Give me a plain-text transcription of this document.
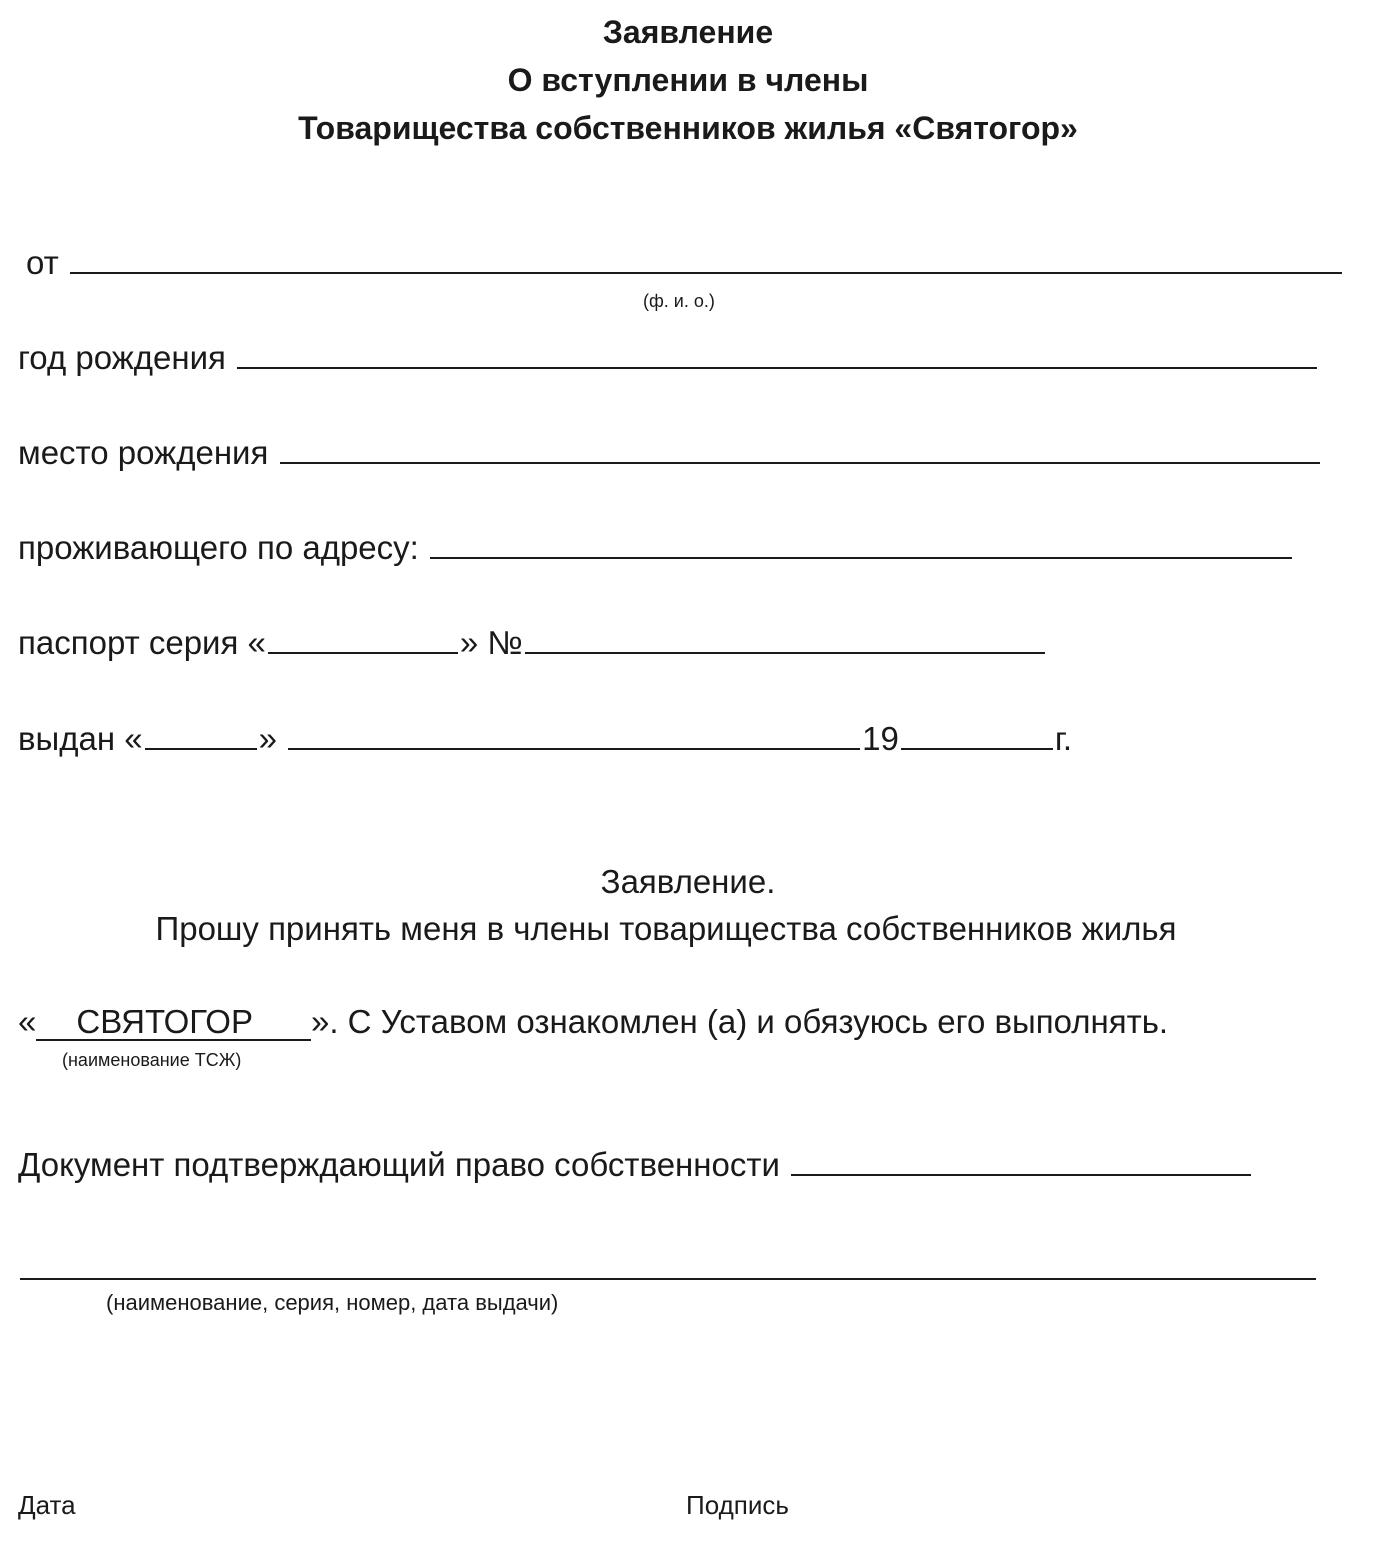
Заявление
О вступлении в члены
Товарищества собственников жилья «Святогор»
от
(ф. и. о.)
год рождения
место рождения
проживающего по адресу:
паспорт серия «	» №
выдан «	»	19	г.
Заявление.
Прошу принять меня в члены товарищества собственников жилья
« СВЯТОГОР ». С Уставом ознакомлен (а) и обязуюсь его выполнять.
(наименование ТСЖ)
Документ подтверждающий право собственности
(наименование, серия, номер, дата выдачи)
Дата	Подпись
